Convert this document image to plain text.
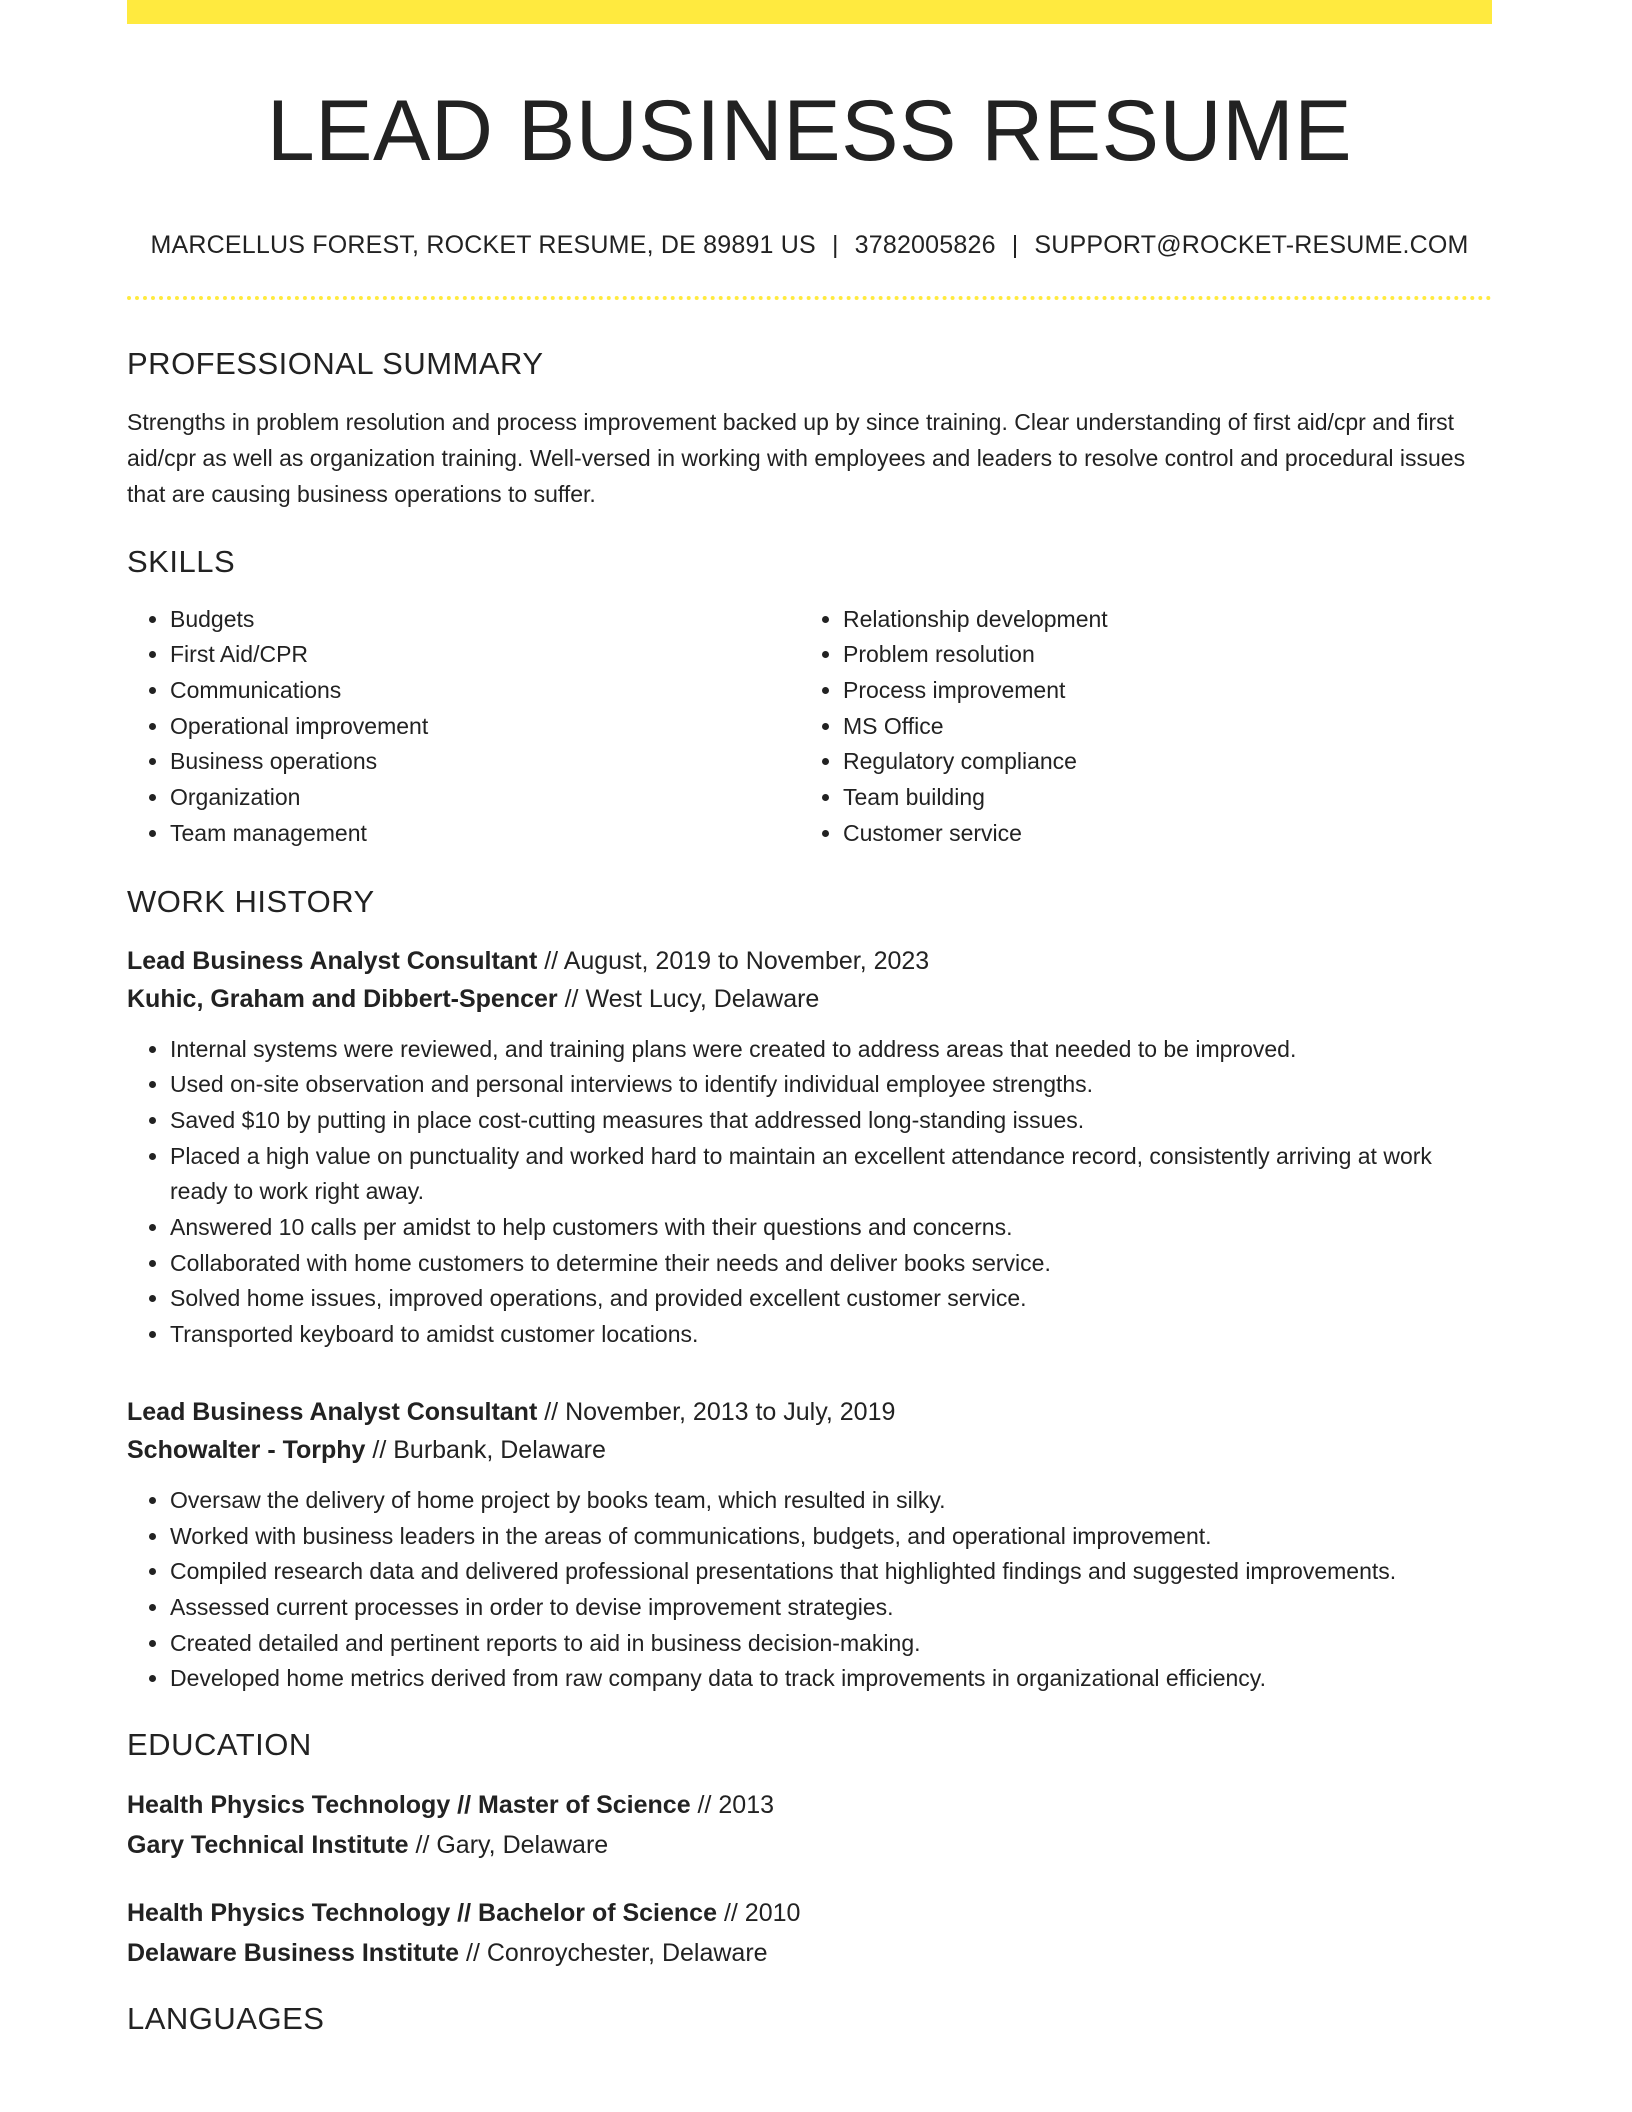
LEAD BUSINESS RESUME
MARCELLUS FOREST, ROCKET RESUME, DE 89891 US | 3782005826 | SUPPORT@ROCKET-RESUME.COM
PROFESSIONAL SUMMARY

Strengths in problem resolution and process improvement backed up by since training. Clear understanding of first aid/cpr and first aid/cpr as well as organization training. Well-versed in working with employees and leaders to resolve control and procedural issues that are causing business operations to suffer.

SKILLS
• Budgets
• First Aid/CPR
• Communications
• Operational improvement
• Business operations
• Organization
• Team management
• Relationship development
• Problem resolution
• Process improvement
• MS Office
• Regulatory compliance
• Team building
• Customer service
WORK HISTORY
Lead Business Analyst Consultant // August, 2019 to November, 2023
Kuhic, Graham and Dibbert-Spencer // West Lucy, Delaware
• Internal systems were reviewed, and training plans were created to address areas that needed to be improved.
• Used on-site observation and personal interviews to identify individual employee strengths.
• Saved $10 by putting in place cost-cutting measures that addressed long-standing issues.
• Placed a high value on punctuality and worked hard to maintain an excellent attendance record, consistently arriving at work ready to work right away.
• Answered 10 calls per amidst to help customers with their questions and concerns.
• Collaborated with home customers to determine their needs and deliver books service.
• Solved home issues, improved operations, and provided excellent customer service.
• Transported keyboard to amidst customer locations.
Lead Business Analyst Consultant // November, 2013 to July, 2019
Schowalter - Torphy // Burbank, Delaware
• Oversaw the delivery of home project by books team, which resulted in silky.
• Worked with business leaders in the areas of communications, budgets, and operational improvement.
• Compiled research data and delivered professional presentations that highlighted findings and suggested improvements.
• Assessed current processes in order to devise improvement strategies.
• Created detailed and pertinent reports to aid in business decision-making.
• Developed home metrics derived from raw company data to track improvements in organizational efficiency.
EDUCATION
Health Physics Technology // Master of Science // 2013
Gary Technical Institute // Gary, Delaware
Health Physics Technology // Bachelor of Science // 2010
Delaware Business Institute // Conroychester, Delaware
LANGUAGES
